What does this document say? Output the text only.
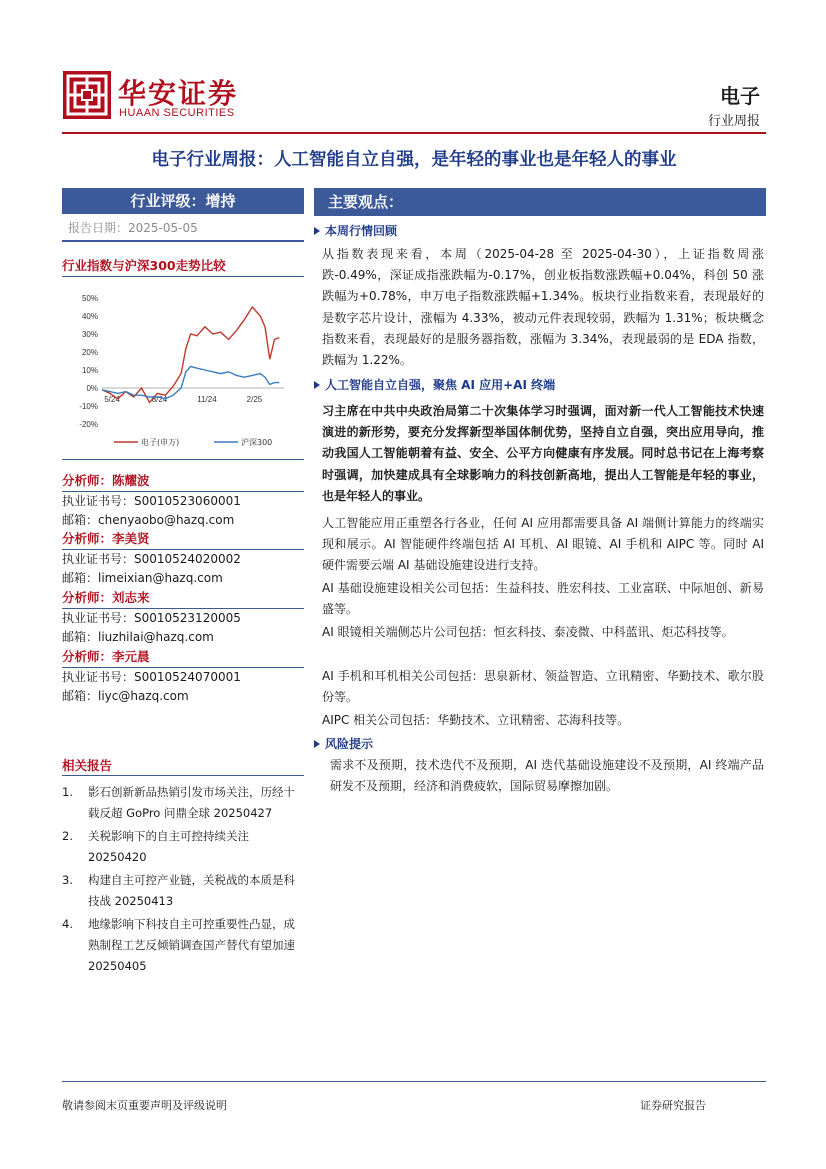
华安证券
HUAAN SECURITIES
电子
行业周报
电子行业周报：人工智能自立自强，是年轻的事业也是年轻人的事业
行业评级：增持
报告日期：2025-05-05
行业指数与沪深300走势比较
50%
40%
30%
20%
10%
0%
-10%
-20%
5/24	8/24	11/24	2/25
电子(申万)	沪深300
分析师：陈耀波
执业证书号：S0010523060001
邮箱：chenyaobo@hazq.com
分析师：李美贤
执业证书号：S0010524020002
邮箱：limeixian@hazq.com
分析师：刘志来
执业证书号：S0010523120005
邮箱：liuzhilai@hazq.com
分析师：李元晨
执业证书号：S0010524070001
邮箱：liyc@hazq.com
相关报告
1.	影石创新新品热销引发市场关注，历经十载反超 GoPro 问鼎全球 20250427
2.	关税影响下的自主可控持续关注 20250420
3.	构建自主可控产业链，关税战的本质是科技战 20250413
4.	地缘影响下科技自主可控重要性凸显，成熟制程工艺反倾销调查国产替代有望加速 20250405
主要观点：
本周行情回顾
从指数表现来看，本周（2025-04-28 至 2025-04-30），上证指数周涨跌-0.49%，深证成指涨跌幅为-0.17%，创业板指数涨跌幅+0.04%，科创 50 涨跌幅为+0.78%，申万电子指数涨跌幅+1.34%。板块行业指数来看，表现最好的是数字芯片设计，涨幅为 4.33%，被动元件表现较弱，跌幅为 1.31%；板块概念指数来看，表现最好的是服务器指数，涨幅为 3.34%，表现最弱的是 EDA 指数，跌幅为 1.22%。
人工智能自立自强，聚焦 AI 应用+AI 终端
习主席在中共中央政治局第二十次集体学习时强调，面对新一代人工智能技术快速演进的新形势，要充分发挥新型举国体制优势，坚持自立自强，突出应用导向，推动我国人工智能朝着有益、安全、公平方向健康有序发展。同时总书记在上海考察时强调，加快建成具有全球影响力的科技创新高地，提出人工智能是年轻的事业，也是年轻人的事业。
人工智能应用正重塑各行各业，任何 AI 应用都需要具备 AI 端侧计算能力的终端实现和展示。AI 智能硬件终端包括 AI 耳机、AI 眼镜、AI 手机和 AIPC 等。同时 AI 硬件需要云端 AI 基础设施建设进行支持。
AI 基础设施建设相关公司包括：生益科技、胜宏科技、工业富联、中际旭创、新易盛等。
AI 眼镜相关端侧芯片公司包括：恒玄科技、泰凌微、中科蓝讯、炬芯科技等。
AI 手机和耳机相关公司包括：思泉新材、领益智造、立讯精密、华勤技术、歌尔股份等。
AIPC 相关公司包括：华勤技术、立讯精密、芯海科技等。
风险提示
需求不及预期，技术迭代不及预期，AI 迭代基础设施建设不及预期，AI 终端产品研发不及预期，经济和消费疲软，国际贸易摩擦加剧。
敬请参阅末页重要声明及评级说明	证券研究报告
